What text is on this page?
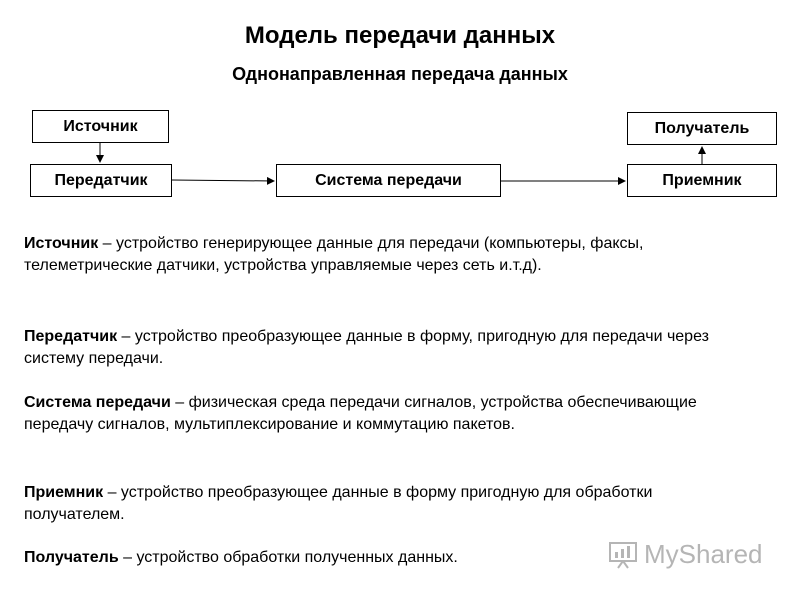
Модель передачи данных
Однонаправленная передача данных
Источник
Передатчик	Система передачи	Приемник
Получатель
Источник – устройство генерирующее данные для передачи (компьютеры, факсы, телеметрические датчики, устройства управляемые через сеть и.т.д).
Передатчик – устройство преобразующее данные в форму, пригодную для передачи через систему передачи.
Система передачи – физическая среда передачи сигналов, устройства обеспечивающие передачу сигналов, мультиплексирование и коммутацию пакетов.
Приемник – устройство преобразующее данные в форму пригодную для обработки получателем.
Получатель – устройство обработки полученных данных.	MyShared
